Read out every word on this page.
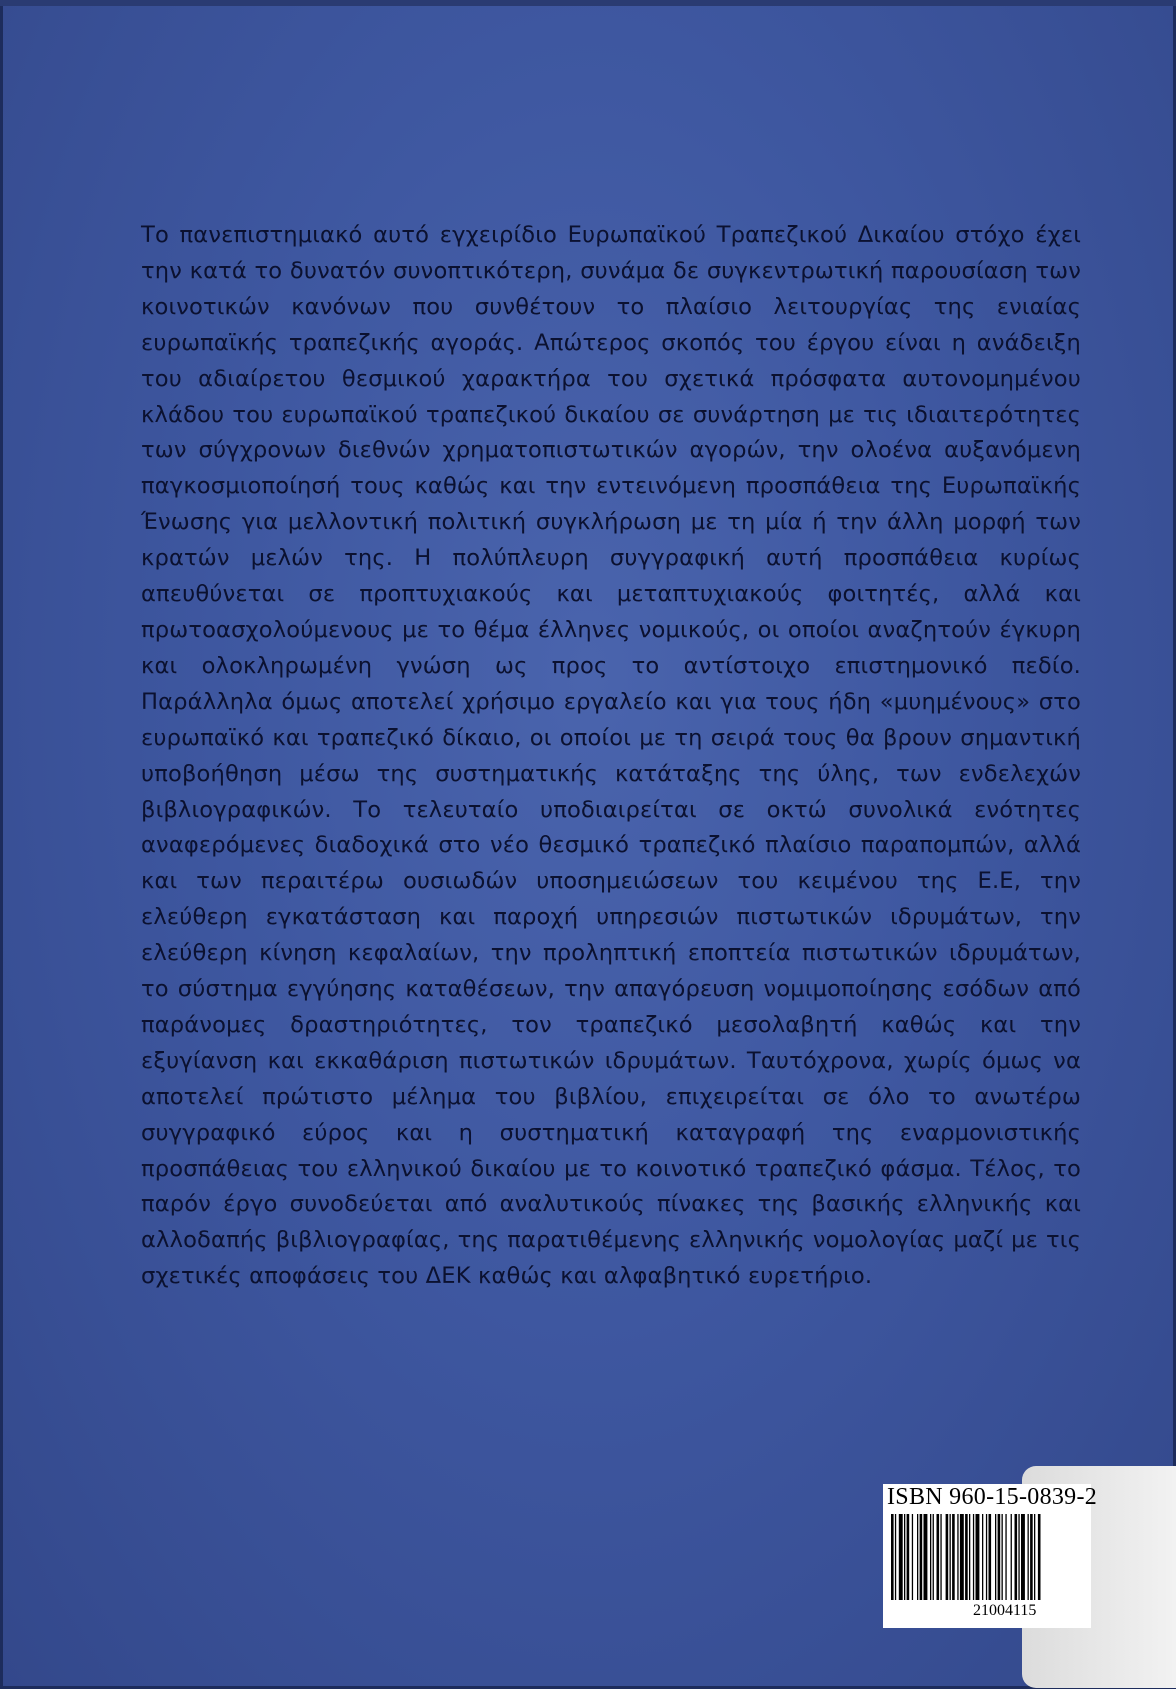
Το πανεπιστημιακό αυτό εγχειρίδιο Ευρωπαϊκού Τραπεζικού Δικαίου στόχο έχει την κατά το δυνατόν συνοπτικότερη, συνάμα δε συγκεντρωτική παρουσίαση των κοινοτικών κανόνων που συνθέτουν το πλαίσιο λειτουργίας της ενιαίας ευρωπαϊκής τραπεζικής αγοράς. Απώτερος σκοπός του έργου είναι η ανάδειξη του αδιαίρετου θεσμικού χαρακτήρα του σχετικά πρόσφατα αυτονομημένου κλάδου του ευρωπαϊκού τραπεζικού δικαίου σε συνάρτηση με τις ιδιαιτερότητες των σύγχρονων διεθνών χρηματοπιστωτικών αγορών, την ολοένα αυξανόμενη παγκοσμιοποίησή τους καθώς και την εντεινόμενη προσπάθεια της Ευρωπαϊκής Ένωσης για μελλοντική πολιτική συγκλήρωση με τη μία ή την άλλη μορφή των κρατών μελών της. Η πολύπλευρη συγγραφική αυτή προσπάθεια κυρίως απευθύνεται σε προπτυχιακούς και μεταπτυχιακούς φοιτητές, αλλά και πρωτοασχολούμενους με το θέμα έλληνες νομικούς, οι οποίοι αναζητούν έγκυρη και ολοκληρωμένη γνώση ως προς το αντίστοιχο επιστημονικό πεδίο. Παράλληλα όμως αποτελεί χρήσιμο εργαλείο και για τους ήδη «μυημένους» στο ευρωπαϊκό και τραπεζικό δίκαιο, οι οποίοι με τη σειρά τους θα βρουν σημαντική υποβοήθηση μέσω της συστηματικής κατάταξης της ύλης, των ενδελεχών βιβλιογραφικών. Το τελευταίο υποδιαιρείται σε οκτώ συνολικά ενότητες αναφερόμενες διαδοχικά στο νέο θεσμικό τραπεζικό πλαίσιο παραπομπών, αλλά και των περαιτέρω ουσιωδών υποσημειώσεων του κειμένου της Ε.Ε, την ελεύθερη εγκατάσταση και παροχή υπηρεσιών πιστωτικών ιδρυμάτων, την ελεύθερη κίνηση κεφαλαίων, την προληπτική εποπτεία πιστωτικών ιδρυμάτων, το σύστημα εγγύησης καταθέσεων, την απαγόρευση νομιμοποίησης εσόδων από παράνομες δραστηριότητες, τον τραπεζικό μεσολαβητή καθώς και την εξυγίανση και εκκαθάριση πιστωτικών ιδρυμάτων. Ταυτόχρονα, χωρίς όμως να αποτελεί πρώτιστο μέλημα του βιβλίου, επιχειρείται σε όλο το ανωτέρω συγγραφικό εύρος και η συστηματική καταγραφή της εναρμονιστικής προσπάθειας του ελληνικού δικαίου με το κοινοτικό τραπεζικό φάσμα. Τέλος, το παρόν έργο συνοδεύεται από αναλυτικούς πίνακες της βασικής ελληνικής και αλλοδαπής βιβλιογραφίας, της παρατιθέμενης ελληνικής νομολογίας μαζί με τις σχετικές αποφάσεις του ΔΕΚ καθώς και αλφαβητικό ευρετήριο.

ISBN 960-15-0839-2

21004115
